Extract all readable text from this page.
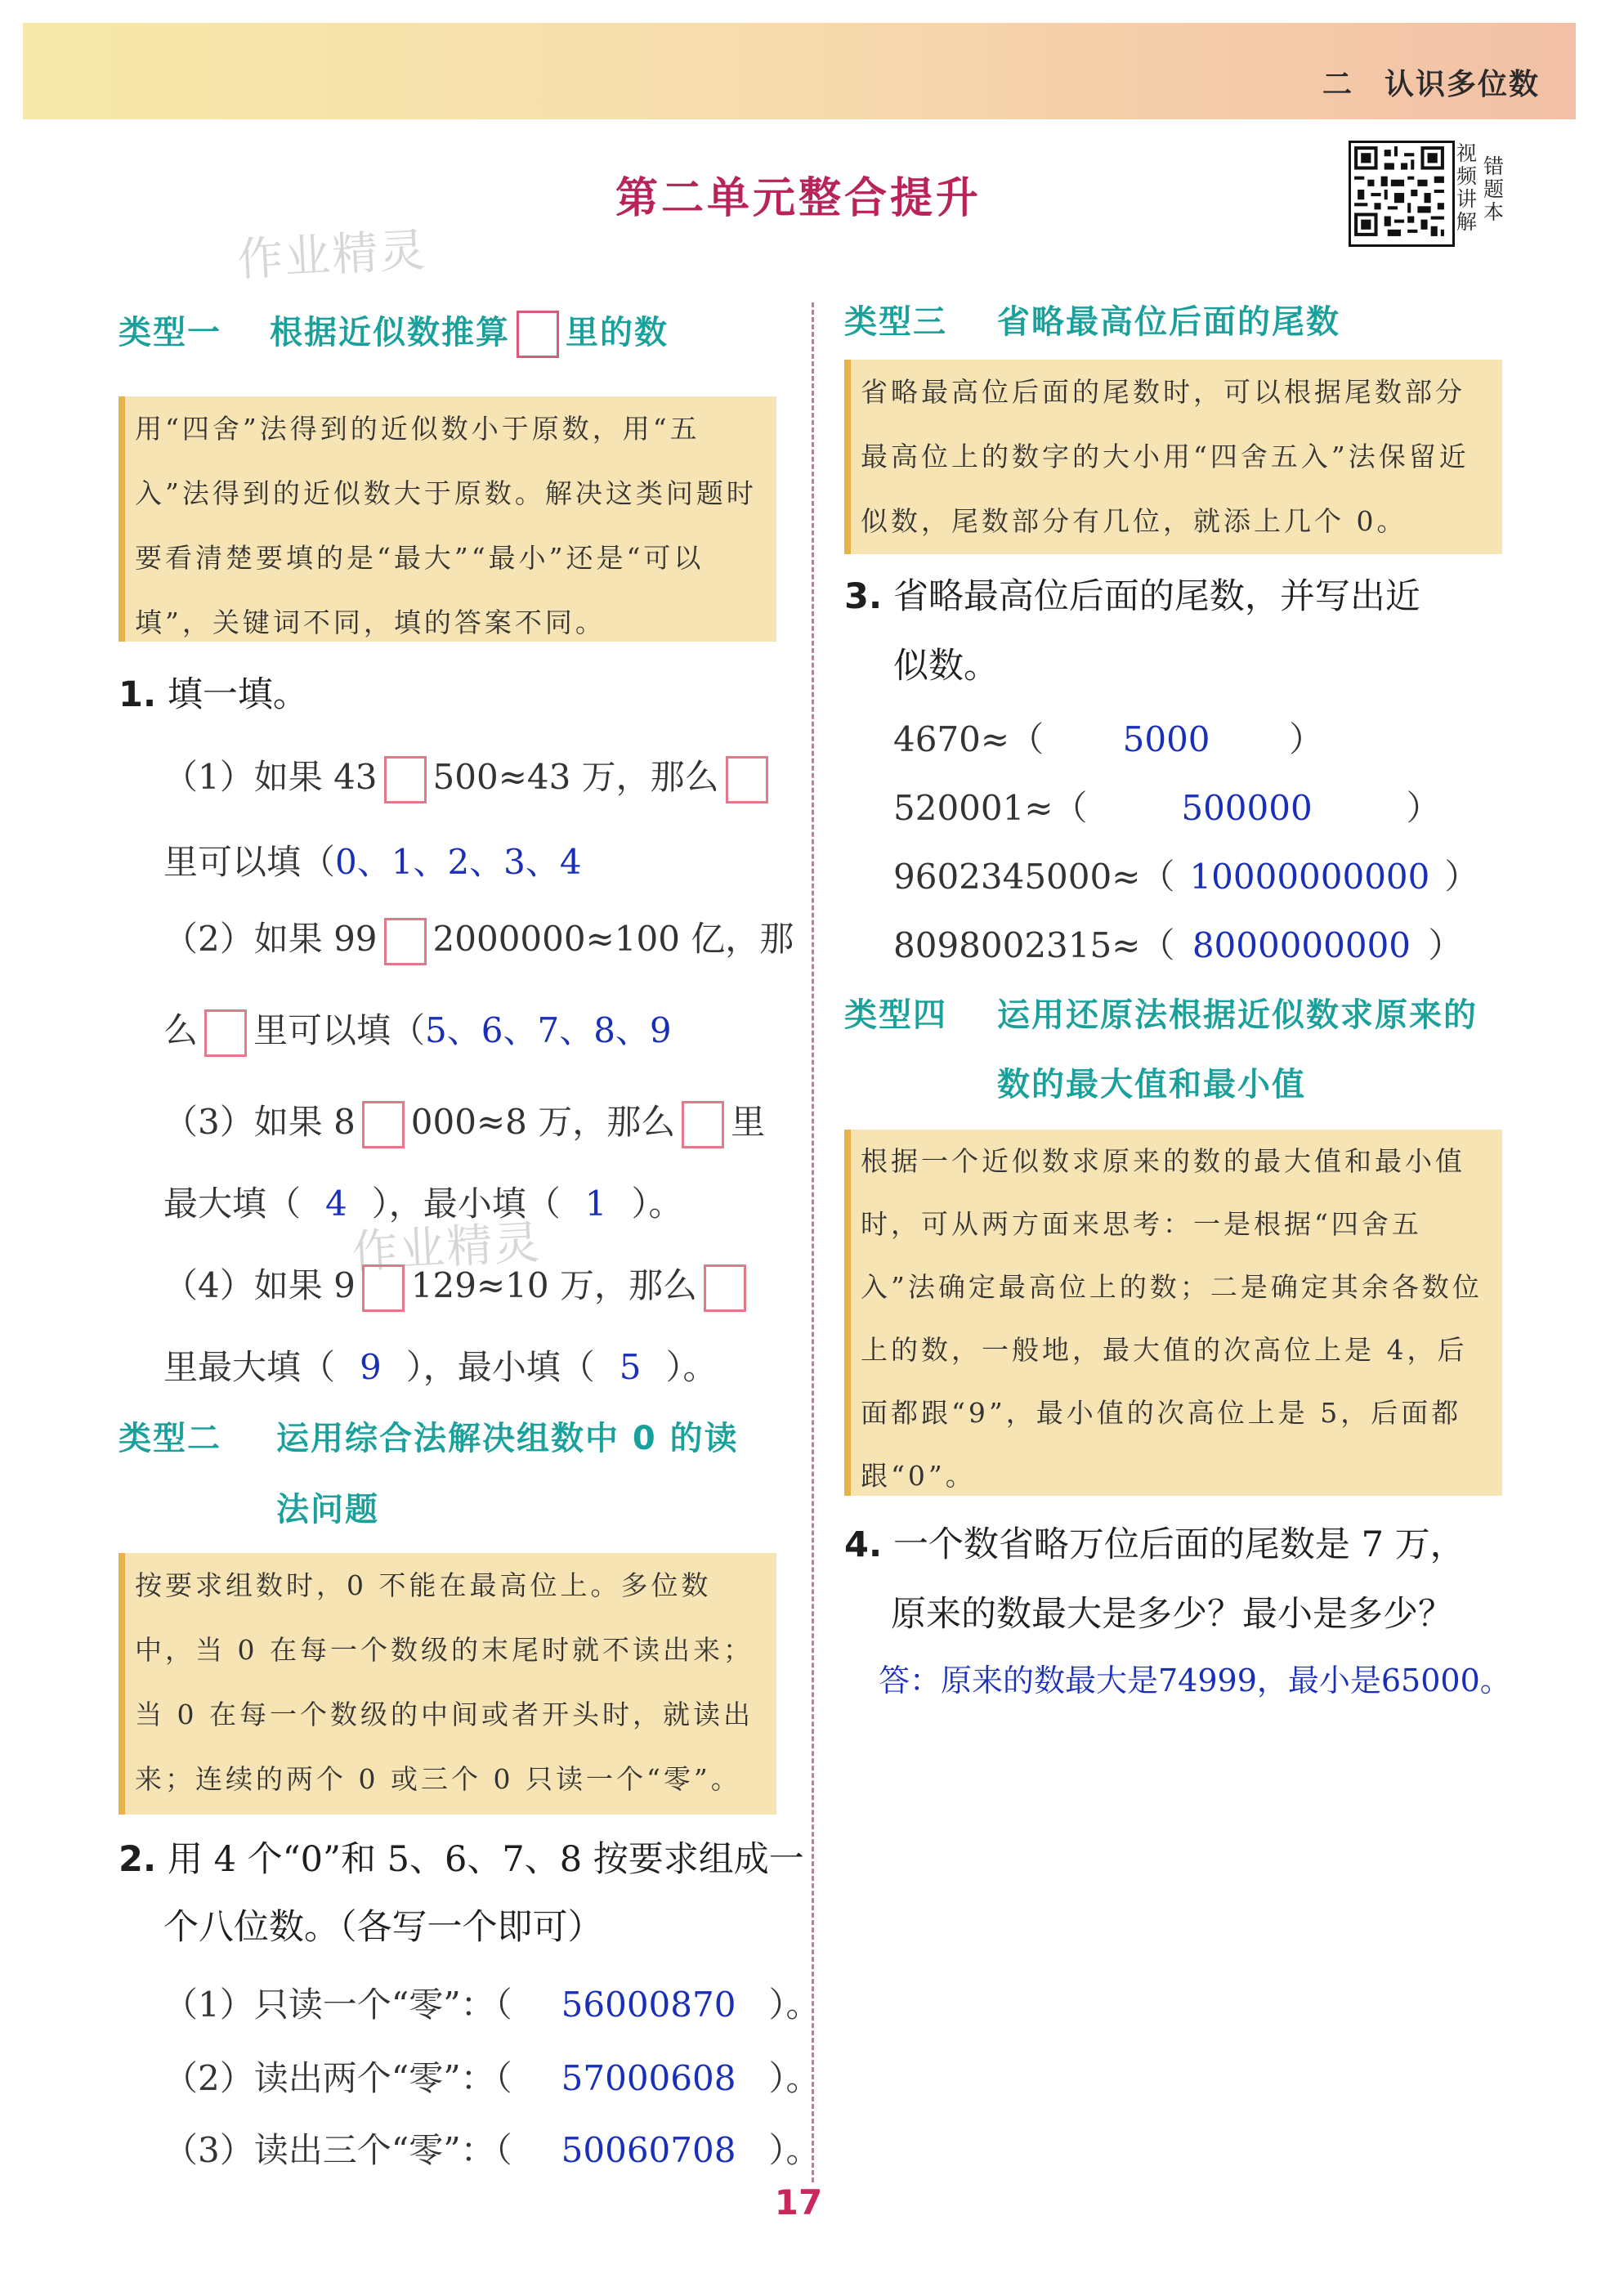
二　认识多位数
第二单元整合提升
视频讲解
错题本
作业精灵
作业精灵
类型一 根据近似数推算 里的数
用“四舍”法得到的近似数小于原数，用“五入”法得到的近似数大于原数。解决这类问题时要看清楚要填的是“最大”“最小”还是“可以填”，关键词不同，填的答案不同。
1. 填一填。
（1）如果 43 500≈43 万，那么
里可以填（0、1、2、3、4
（2）如果 99 2000000≈100 亿，那
么 里可以填（5、6、7、8、9
（3）如果 8 000≈8 万，那么 里
最大填（ 4 ），最小填（ 1 ）。
（4）如果 9 129≈10 万，那么
里最大填（ 9 ），最小填（ 5 ）。
类型二 运用综合法解决组数中 0 的读
法问题
按要求组数时，0 不能在最高位上。多位数中，当 0 在每一个数级的末尾时就不读出来；当 0 在每一个数级的中间或者开头时，就读出来；连续的两个 0 或三个 0 只读一个“零”。
2. 用 4 个“0”和 5、6、7、8 按要求组成一
个八位数。（各写一个即可）
（1）只读一个“零”：（ 56000870 ）。
（2）读出两个“零”：（ 57000608 ）。
（3）读出三个“零”：（ 50060708 ）。
类型三 省略最高位后面的尾数
省略最高位后面的尾数时，可以根据尾数部分最高位上的数字的大小用“四舍五入”法保留近似数，尾数部分有几位，就添上几个 0。
3. 省略最高位后面的尾数，并写出近
似数。
4670≈（ 5000 ）
520001≈（	500000	）
9602345000≈（ 10000000000 ）
8098002315≈（ 8000000000 ）
类型四 运用还原法根据近似数求原来的
数的最大值和最小值
根据一个近似数求原来的数的最大值和最小值时，可从两方面来思考：一是根据“四舍五入”法确定最高位上的数；二是确定其余各数位上的数，一般地，最大值的次高位上是 4，后面都跟“9”，最小值的次高位上是 5，后面都跟“0”。
4. 一个数省略万位后面的尾数是 7 万，
原来的数最大是多少？最小是多少？
答：原来的数最大是74999，最小是65000。
17
